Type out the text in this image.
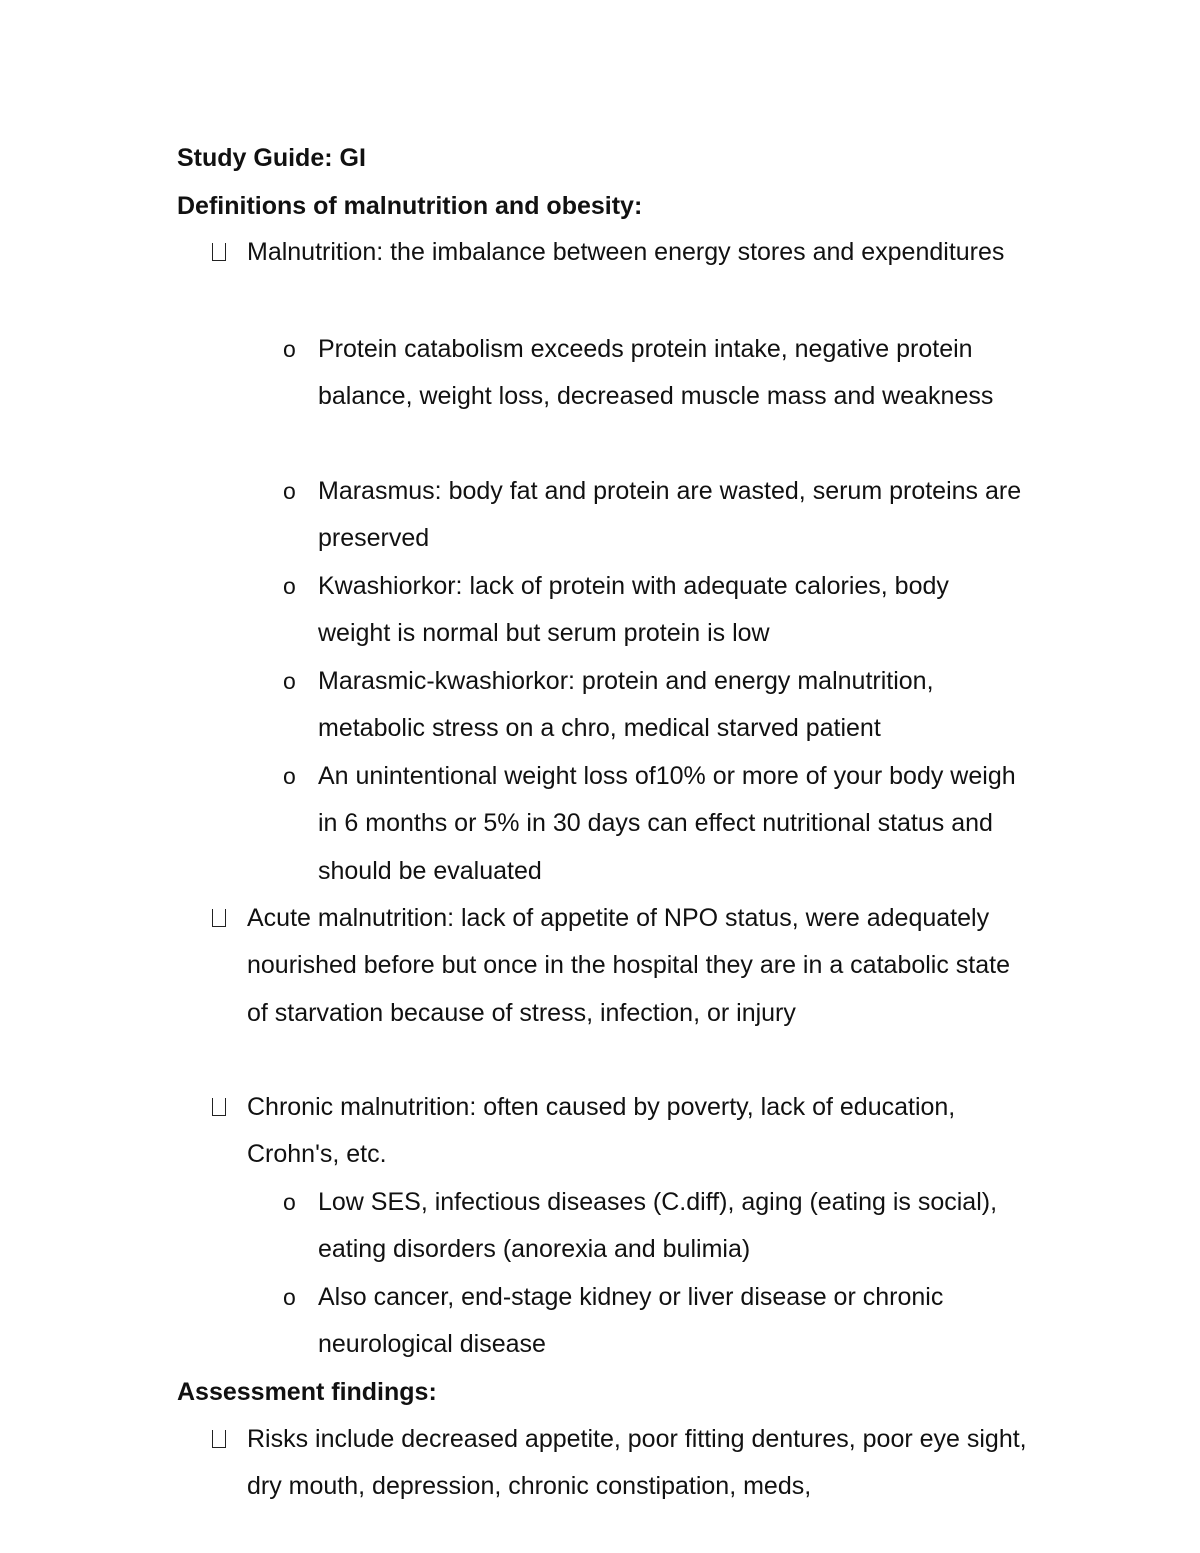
Study Guide: GI
Definitions of malnutrition and obesity:
Malnutrition: the imbalance between energy stores and expenditures
o Protein catabolism exceeds protein intake, negative protein balance, weight loss, decreased muscle mass and weakness
o Marasmus: body fat and protein are wasted, serum proteins are preserved
o Kwashiorkor: lack of protein with adequate calories, body weight is normal but serum protein is low
o Marasmic-kwashiorkor: protein and energy malnutrition, metabolic stress on a chro, medical starved patient
o An unintentional weight loss of10% or more of your body weigh in 6 months or 5% in 30 days can effect nutritional status and should be evaluated
Acute malnutrition: lack of appetite of NPO status, were adequately nourished before but once in the hospital they are in a catabolic state of starvation because of stress, infection, or injury
Chronic malnutrition: often caused by poverty, lack of education, Crohn's, etc.
o Low SES, infectious diseases (C.diff), aging (eating is social), eating disorders (anorexia and bulimia)
o Also cancer, end-stage kidney or liver disease or chronic neurological disease
Assessment findings:
Risks include decreased appetite, poor fitting dentures, poor eye sight, dry mouth, depression, chronic constipation, meds,
